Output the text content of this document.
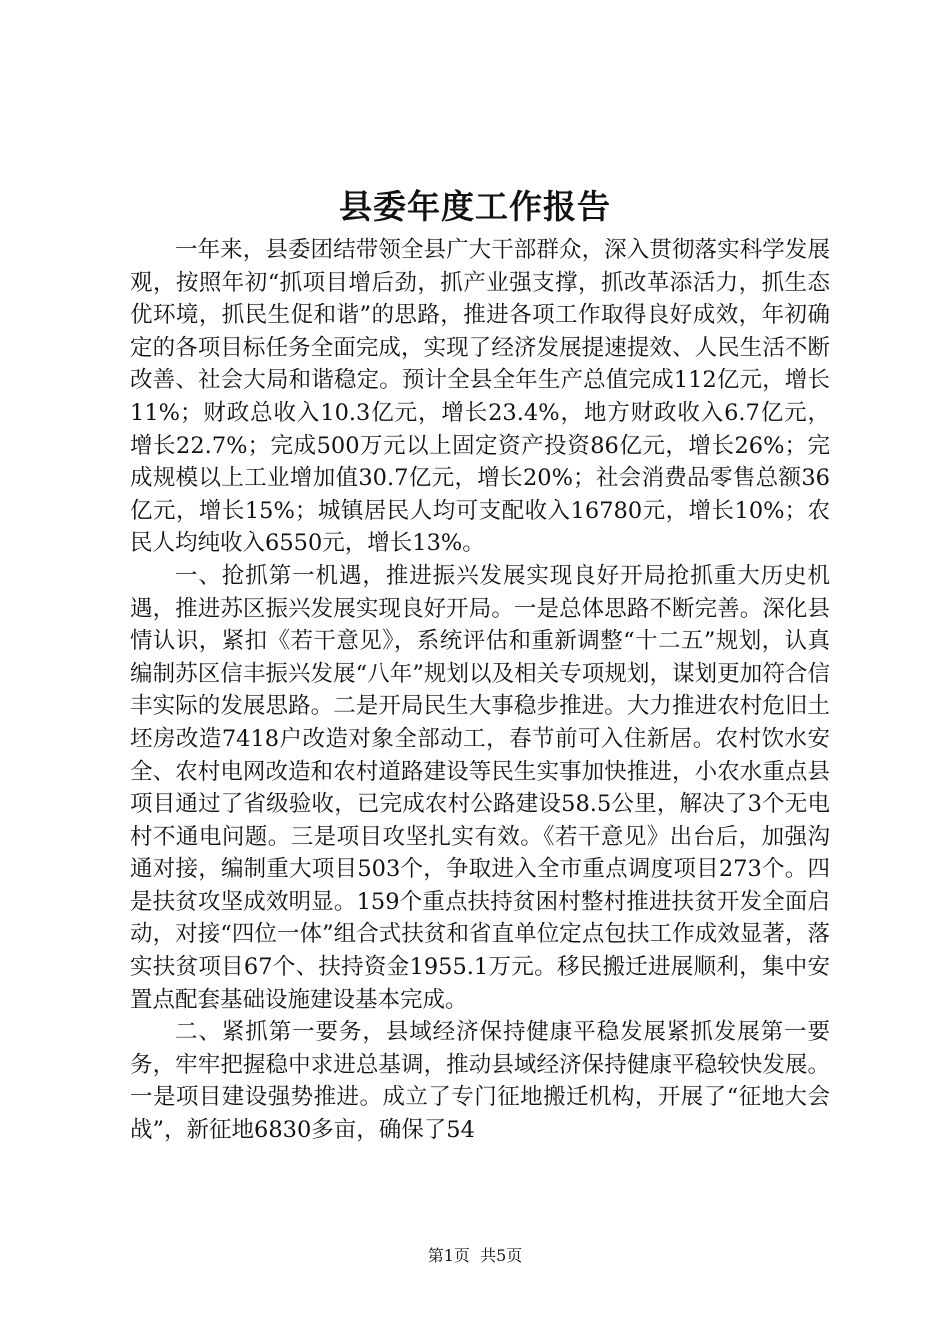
县委年度工作报告

一年来，县委团结带领全县广大干部群众，深入贯彻落实科学发展观，按照年初“抓项目增后劲，抓产业强支撑，抓改革添活力，抓生态优环境，抓民生促和谐”的思路，推进各项工作取得良好成效，年初确定的各项目标任务全面完成，实现了经济发展提速提效、人民生活不断改善、社会大局和谐稳定。预计全县全年生产总值完成112亿元，增长11%；财政总收入10.3亿元，增长23.4%，地方财政收入6.7亿元，增长22.7%；完成500万元以上固定资产投资86亿元，增长26%；完成规模以上工业增加值30.7亿元，增长20%；社会消费品零售总额36亿元，增长15%；城镇居民人均可支配收入16780元，增长10%；农民人均纯收入6550元，增长13%。

一、抢抓第一机遇，推进振兴发展实现良好开局抢抓重大历史机遇，推进苏区振兴发展实现良好开局。一是总体思路不断完善。深化县情认识，紧扣《若干意见》，系统评估和重新调整“十二五”规划，认真编制苏区信丰振兴发展“八年”规划以及相关专项规划，谋划更加符合信丰实际的发展思路。二是开局民生大事稳步推进。大力推进农村危旧土坯房改造7418户改造对象全部动工，春节前可入住新居。农村饮水安全、农村电网改造和农村道路建设等民生实事加快推进，小农水重点县项目通过了省级验收，已完成农村公路建设58.5公里，解决了3个无电村不通电问题。三是项目攻坚扎实有效。《若干意见》出台后，加强沟通对接，编制重大项目503个，争取进入全市重点调度项目273个。四是扶贫攻坚成效明显。159个重点扶持贫困村整村推进扶贫开发全面启动，对接“四位一体”组合式扶贫和省直单位定点包扶工作成效显著，落实扶贫项目67个、扶持资金1955.1万元。移民搬迁进展顺利，集中安置点配套基础设施建设基本完成。

二、紧抓第一要务，县域经济保持健康平稳发展紧抓发展第一要务，牢牢把握稳中求进总基调，推动县域经济保持健康平稳较快发展。一是项目建设强势推进。成立了专门征地搬迁机构，开展了“征地大会战”，新征地6830多亩，确保了54

第1页 共5页
